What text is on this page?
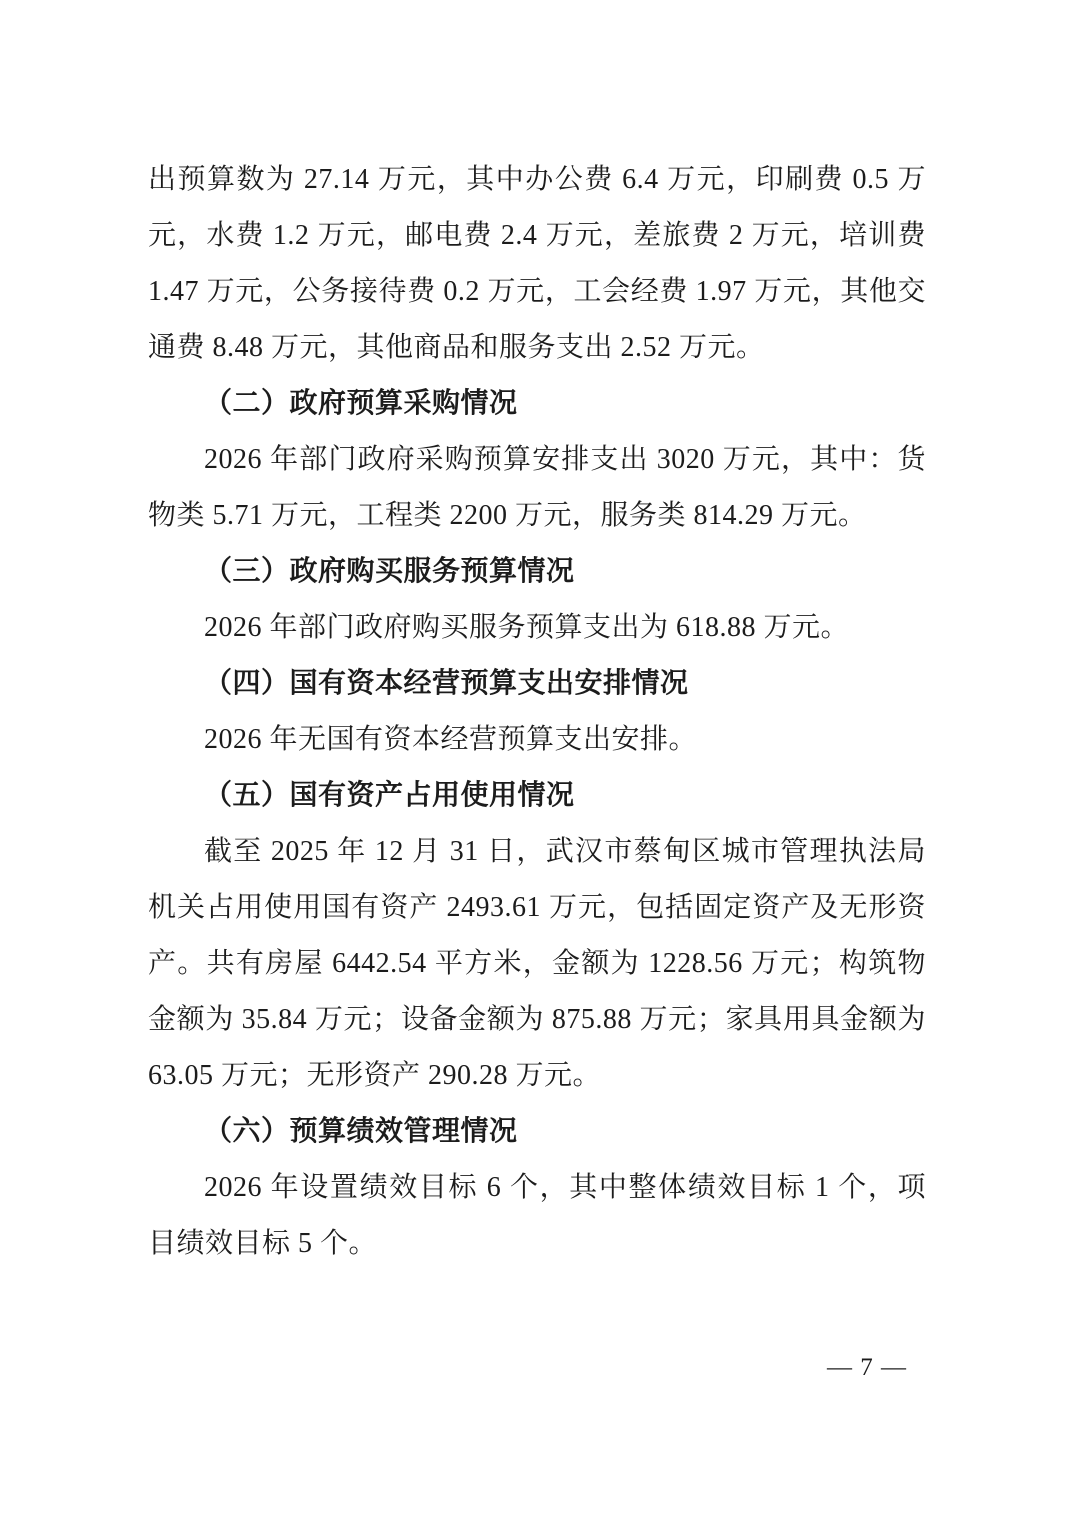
出预算数为 27.14 万元，其中办公费 6.4 万元，印刷费 0.5 万元，水费 1.2 万元，邮电费 2.4 万元，差旅费 2 万元，培训费 1.47 万元，公务接待费 0.2 万元，工会经费 1.97 万元，其他交通费 8.48 万元，其他商品和服务支出 2.52 万元。

（二）政府预算采购情况

2026 年部门政府采购预算安排支出 3020 万元，其中：货物类 5.71 万元，工程类 2200 万元，服务类 814.29 万元。

（三）政府购买服务预算情况

2026 年部门政府购买服务预算支出为 618.88 万元。

（四）国有资本经营预算支出安排情况

2026 年无国有资本经营预算支出安排。

（五）国有资产占用使用情况

截至 2025 年 12 月 31 日，武汉市蔡甸区城市管理执法局机关占用使用国有资产 2493.61 万元，包括固定资产及无形资产。共有房屋 6442.54 平方米，金额为 1228.56 万元；构筑物金额为 35.84 万元；设备金额为 875.88 万元；家具用具金额为 63.05 万元；无形资产 290.28 万元。

（六）预算绩效管理情况

2026 年设置绩效目标 6 个，其中整体绩效目标 1 个，项目绩效目标 5 个。

— 7 —
